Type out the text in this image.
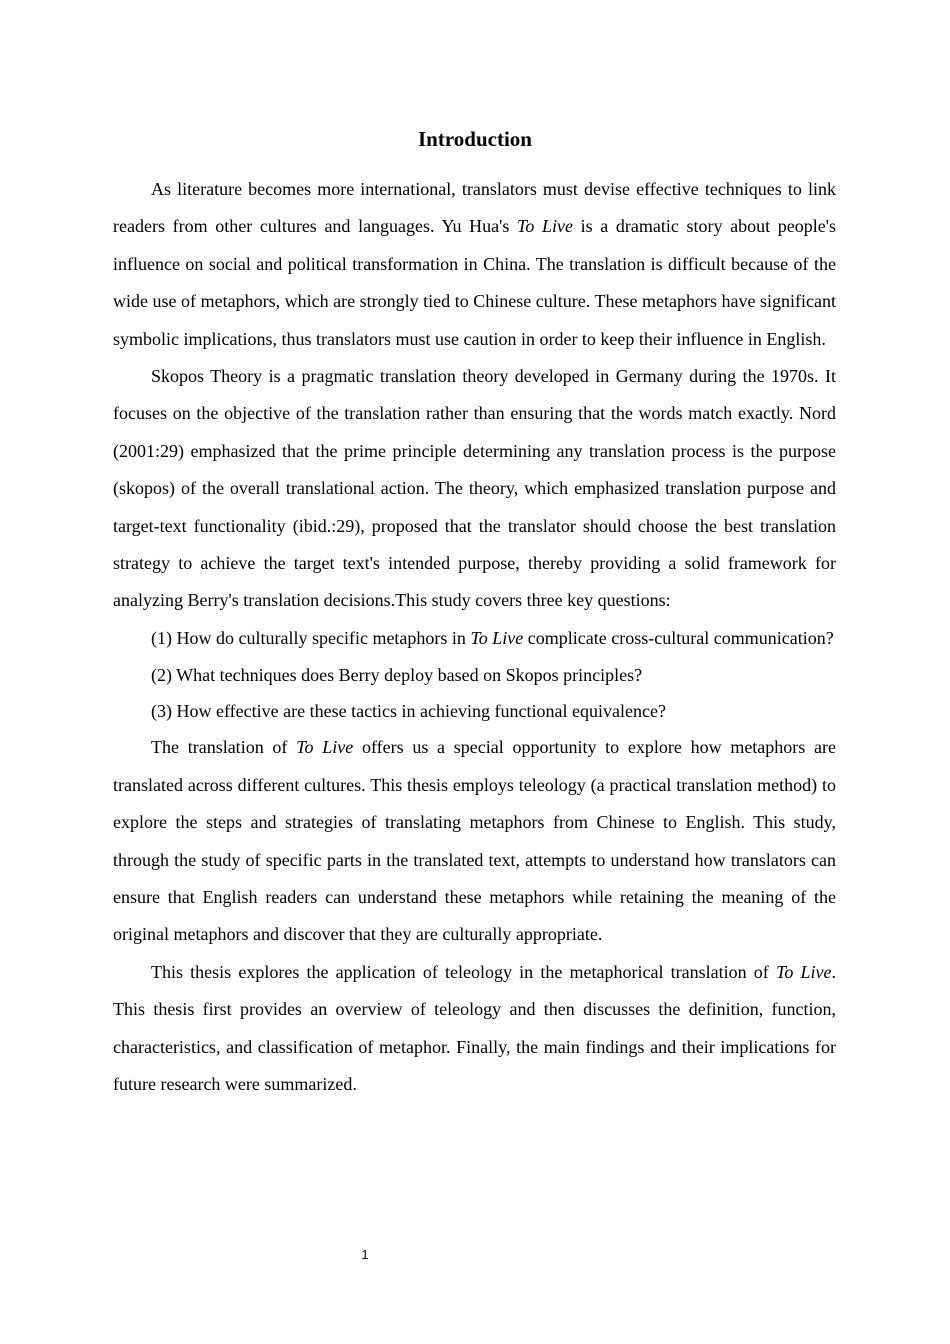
Introduction

As literature becomes more international, translators must devise effective techniques to link readers from other cultures and languages. Yu Hua's To Live is a dramatic story about people's influence on social and political transformation in China. The translation is difficult because of the wide use of metaphors, which are strongly tied to Chinese culture. These metaphors have significant symbolic implications, thus translators must use caution in order to keep their influence in English.

Skopos Theory is a pragmatic translation theory developed in Germany during the 1970s. It focuses on the objective of the translation rather than ensuring that the words match exactly. Nord (2001:29) emphasized that the prime principle determining any translation process is the purpose (skopos) of the overall translational action. The theory, which emphasized translation purpose and target-text functionality (ibid.:29), proposed that the translator should choose the best translation strategy to achieve the target text's intended purpose, thereby providing a solid framework for analyzing Berry's translation decisions.This study covers three key questions:

(1) How do culturally specific metaphors in To Live complicate cross-cultural communication?

(2) What techniques does Berry deploy based on Skopos principles?

(3) How effective are these tactics in achieving functional equivalence?

The translation of To Live offers us a special opportunity to explore how metaphors are translated across different cultures. This thesis employs teleology (a practical translation method) to explore the steps and strategies of translating metaphors from Chinese to English. This study, through the study of specific parts in the translated text, attempts to understand how translators can ensure that English readers can understand these metaphors while retaining the meaning of the original metaphors and discover that they are culturally appropriate.

This thesis explores the application of teleology in the metaphorical translation of To Live. This thesis first provides an overview of teleology and then discusses the definition, function, characteristics, and classification of metaphor. Finally, the main findings and their implications for future research were summarized.

1
